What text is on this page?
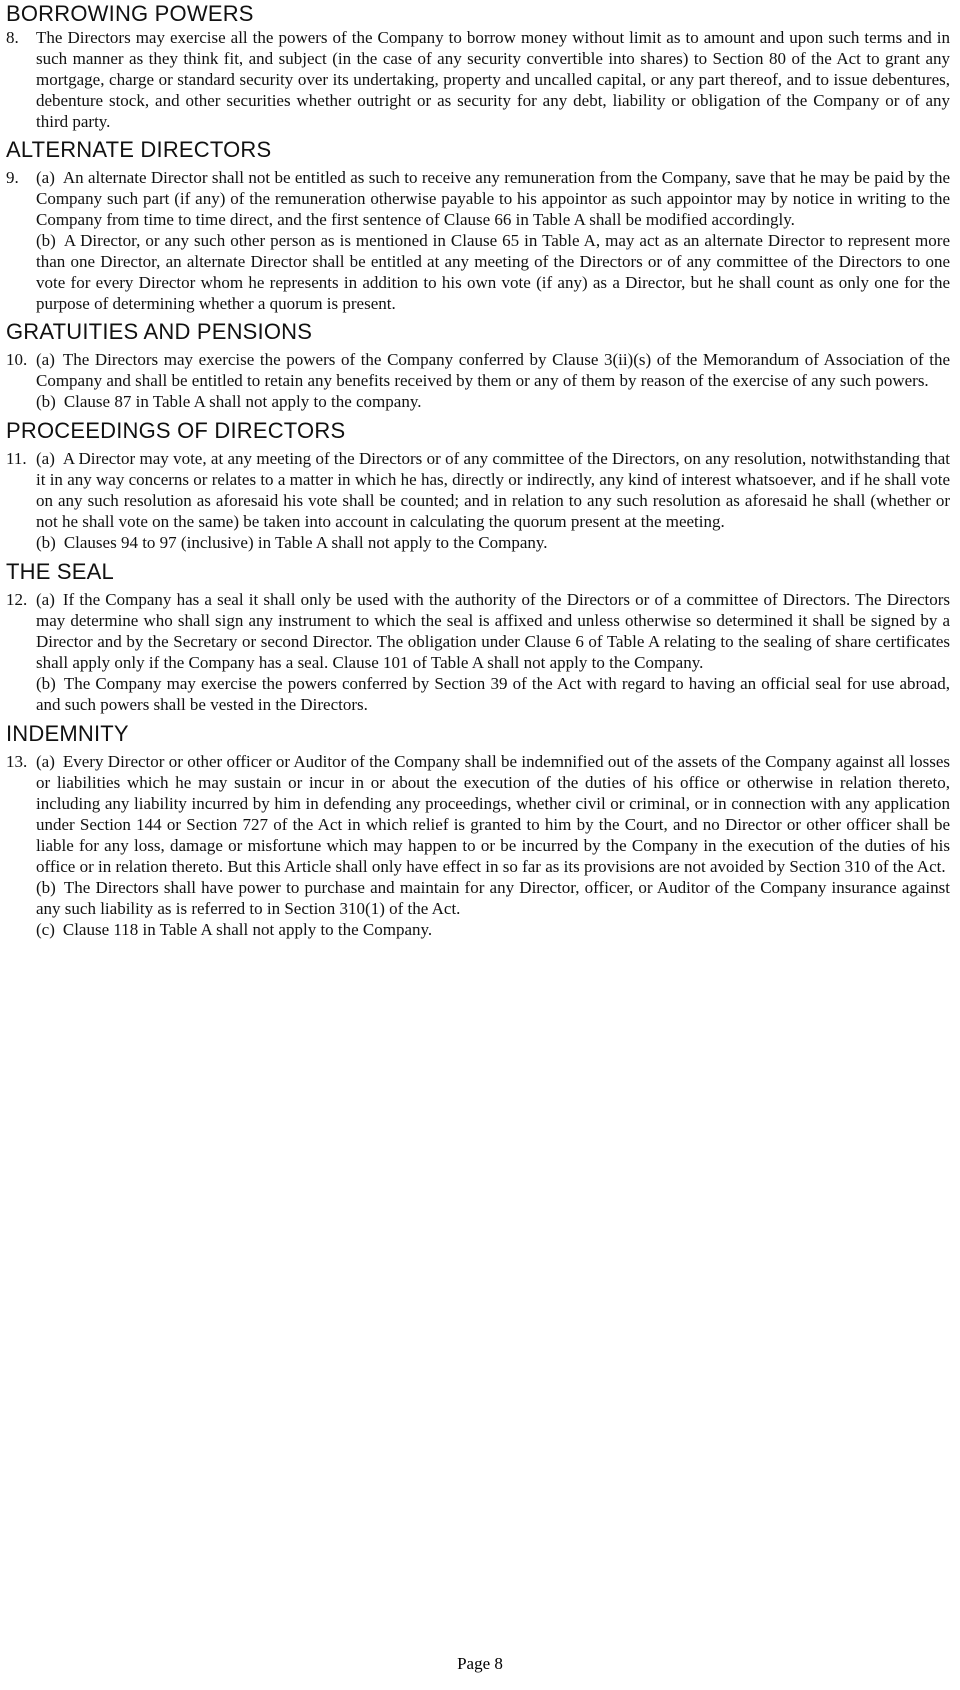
BORROWING POWERS

8. The Directors may exercise all the powers of the Company to borrow money without limit as to amount and upon such terms and in such manner as they think fit, and subject (in the case of any security convertible into shares) to Section 80 of the Act to grant any mortgage, charge or standard security over its undertaking, property and uncalled capital, or any part thereof, and to issue debentures, debenture stock, and other securities whether outright or as security for any debt, liability or obligation of the Company or of any third party.

ALTERNATE DIRECTORS

9. (a) An alternate Director shall not be entitled as such to receive any remuneration from the Company, save that he may be paid by the Company such part (if any) of the remuneration otherwise payable to his appointor as such appointor may by notice in writing to the Company from time to time direct, and the first sentence of Clause 66 in Table A shall be modified accordingly.

(b) A Director, or any such other person as is mentioned in Clause 65 in Table A, may act as an alternate Director to represent more than one Director, an alternate Director shall be entitled at any meeting of the Directors or of any committee of the Directors to one vote for every Director whom he represents in addition to his own vote (if any) as a Director, but he shall count as only one for the purpose of determining whether a quorum is present.

GRATUITIES AND PENSIONS

10. (a) The Directors may exercise the powers of the Company conferred by Clause 3(ii)(s) of the Memorandum of Association of the Company and shall be entitled to retain any benefits received by them or any of them by reason of the exercise of any such powers.

(b) Clause 87 in Table A shall not apply to the company.

PROCEEDINGS OF DIRECTORS

11. (a) A Director may vote, at any meeting of the Directors or of any committee of the Directors, on any resolution, notwithstanding that it in any way concerns or relates to a matter in which he has, directly or indirectly, any kind of interest whatsoever, and if he shall vote on any such resolution as aforesaid his vote shall be counted; and in relation to any such resolution as aforesaid he shall (whether or not he shall vote on the same) be taken into account in calculating the quorum present at the meeting.

(b) Clauses 94 to 97 (inclusive) in Table A shall not apply to the Company.

THE SEAL

12. (a) If the Company has a seal it shall only be used with the authority of the Directors or of a committee of Directors. The Directors may determine who shall sign any instrument to which the seal is affixed and unless otherwise so determined it shall be signed by a Director and by the Secretary or second Director. The obligation under Clause 6 of Table A relating to the sealing of share certificates shall apply only if the Company has a seal. Clause 101 of Table A shall not apply to the Company.

(b) The Company may exercise the powers conferred by Section 39 of the Act with regard to having an official seal for use abroad, and such powers shall be vested in the Directors.

INDEMNITY

13. (a) Every Director or other officer or Auditor of the Company shall be indemnified out of the assets of the Company against all losses or liabilities which he may sustain or incur in or about the execution of the duties of his office or otherwise in relation thereto, including any liability incurred by him in defending any proceedings, whether civil or criminal, or in connection with any application under Section 144 or Section 727 of the Act in which relief is granted to him by the Court, and no Director or other officer shall be liable for any loss, damage or misfortune which may happen to or be incurred by the Company in the execution of the duties of his office or in relation thereto. But this Article shall only have effect in so far as its provisions are not avoided by Section 310 of the Act.

(b) The Directors shall have power to purchase and maintain for any Director, officer, or Auditor of the Company insurance against any such liability as is referred to in Section 310(1) of the Act.

(c) Clause 118 in Table A shall not apply to the Company.

Page 8
